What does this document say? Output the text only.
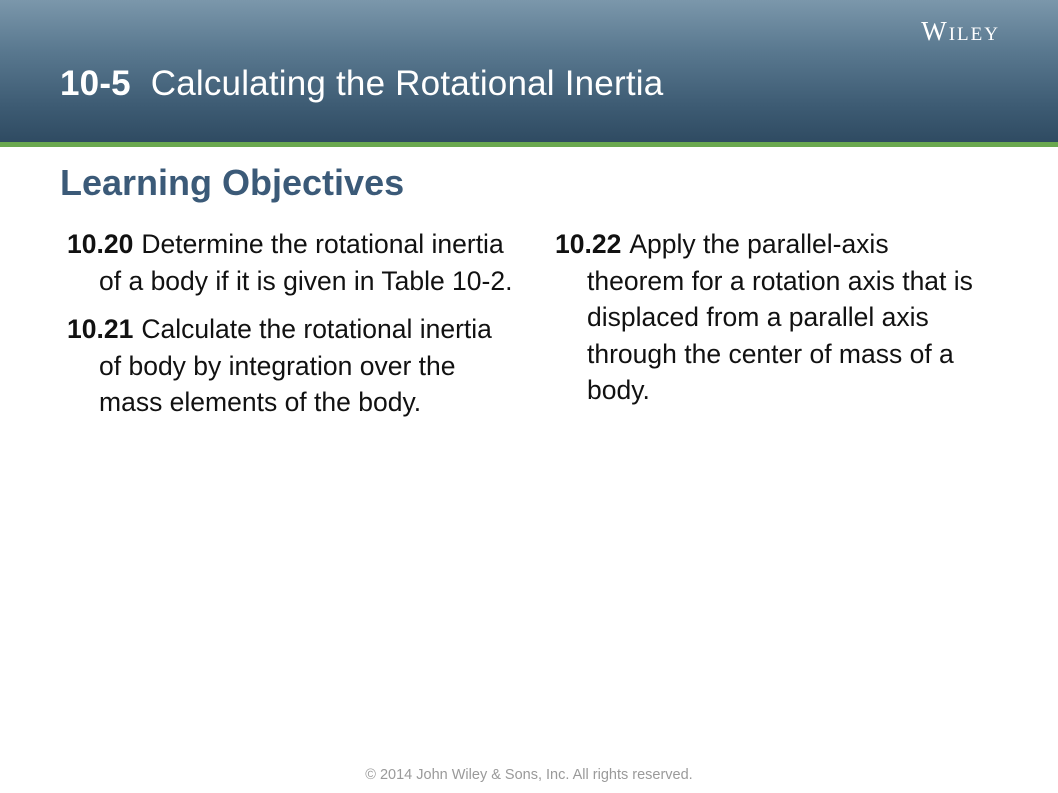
Wiley
10-5 Calculating the Rotational Inertia
Learning Objectives
10.20 Determine the rotational inertia of a body if it is given in Table 10-2.
10.21 Calculate the rotational inertia of body by integration over the mass elements of the body.
10.22 Apply the parallel-axis theorem for a rotation axis that is displaced from a parallel axis through the center of mass of a body.
© 2014 John Wiley & Sons, Inc. All rights reserved.
